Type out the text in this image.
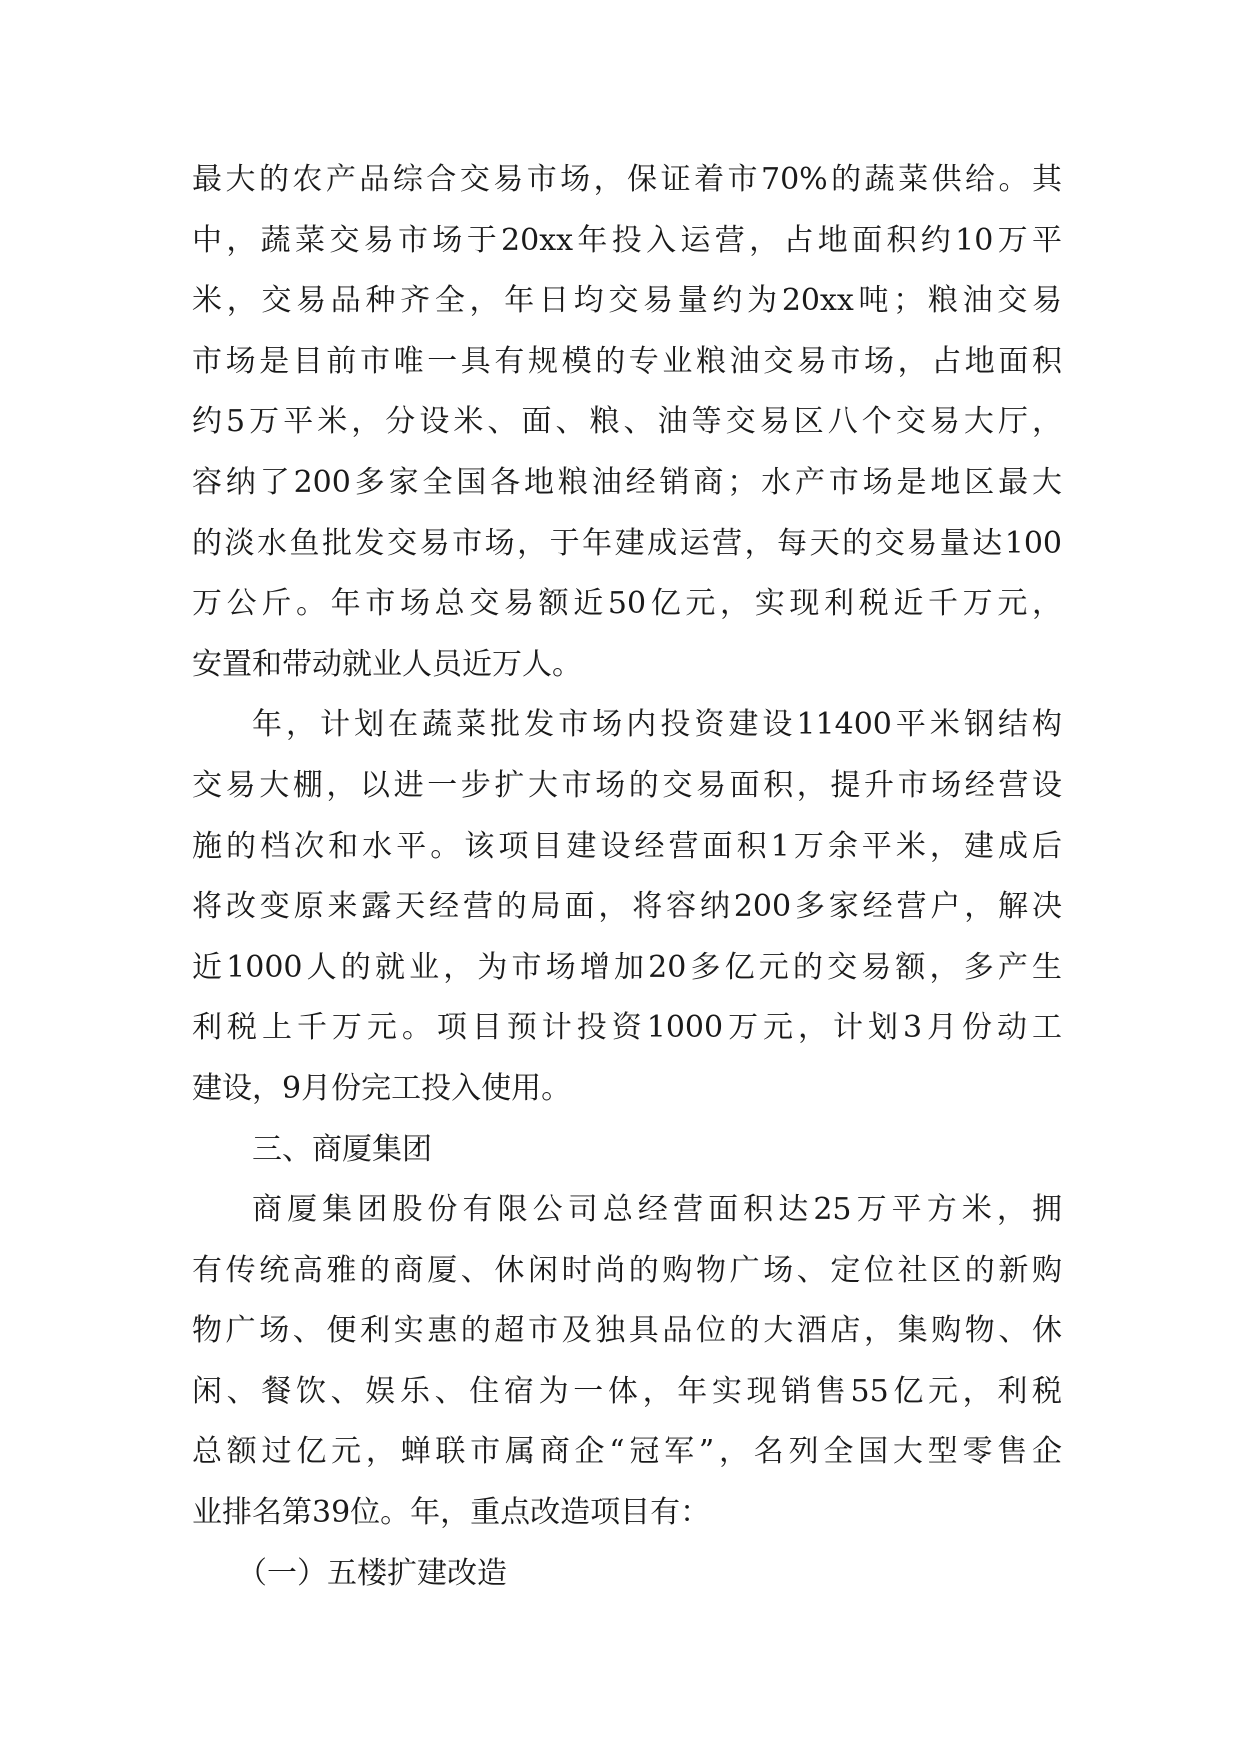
最大的农产品综合交易市场，保证着市70%的蔬菜供给。其
中，蔬菜交易市场于20xx年投入运营，占地面积约10万平
米，交易品种齐全，年日均交易量约为20xx吨；粮油交易
市场是目前市唯一具有规模的专业粮油交易市场，占地面积
约5万平米，分设米、面、粮、油等交易区八个交易大厅，
容纳了200多家全国各地粮油经销商；水产市场是地区最大
的淡水鱼批发交易市场，于年建成运营，每天的交易量达100
万公斤。年市场总交易额近50亿元，实现利税近千万元，
安置和带动就业人员近万人。
年，计划在蔬菜批发市场内投资建设11400平米钢结构
交易大棚，以进一步扩大市场的交易面积，提升市场经营设
施的档次和水平。该项目建设经营面积1万余平米，建成后
将改变原来露天经营的局面，将容纳200多家经营户，解决
近1000人的就业，为市场增加20多亿元的交易额，多产生
利税上千万元。项目预计投资1000万元，计划3月份动工
建设，9月份完工投入使用。
三、商厦集团
商厦集团股份有限公司总经营面积达25万平方米，拥
有传统高雅的商厦、休闲时尚的购物广场、定位社区的新购
物广场、便利实惠的超市及独具品位的大酒店，集购物、休
闲、餐饮、娱乐、住宿为一体，年实现销售55亿元，利税
总额过亿元，蝉联市属商企“冠军”，名列全国大型零售企
业排名第39位。年，重点改造项目有：
（一）五楼扩建改造
